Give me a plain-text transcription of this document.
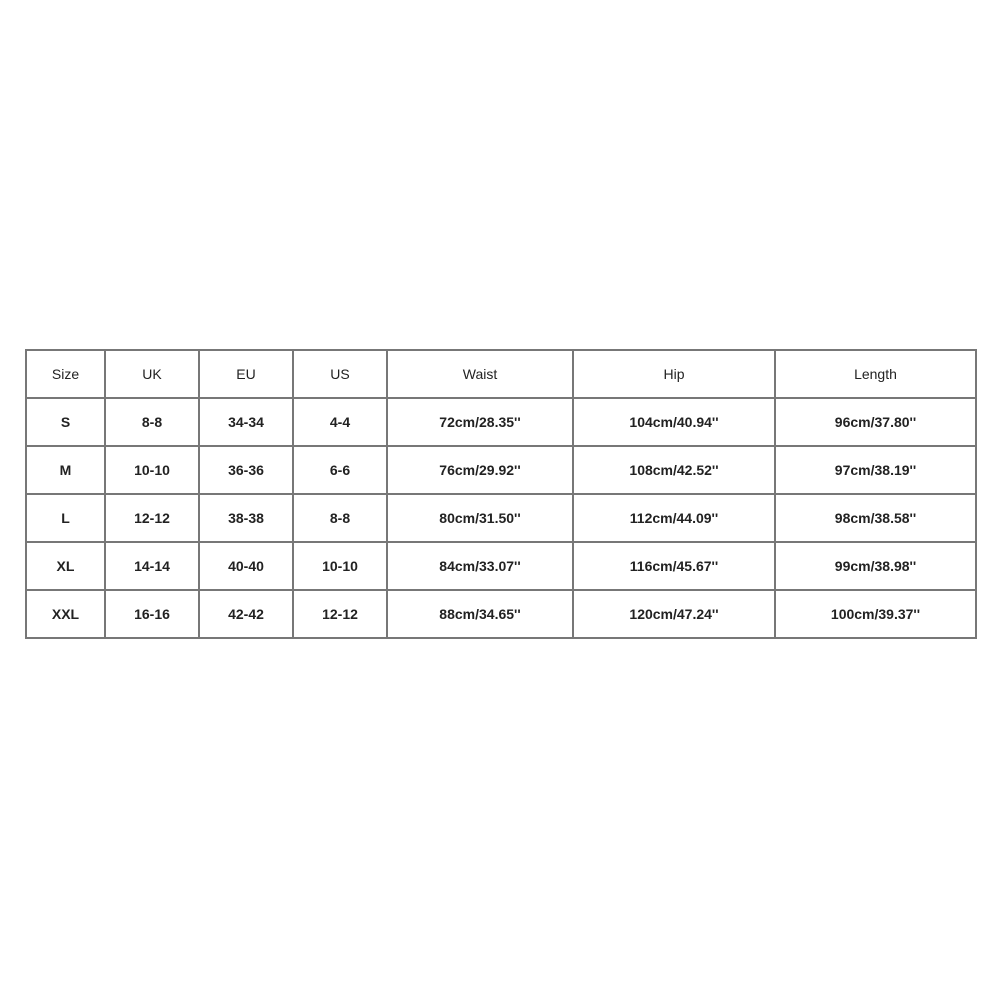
Size	UK	EU	US	Waist	Hip	Length
S	8-8	34-34	4-4	72cm/28.35''	104cm/40.94''	96cm/37.80''
M	10-10	36-36	6-6	76cm/29.92''	108cm/42.52''	97cm/38.19''
L	12-12	38-38	8-8	80cm/31.50''	112cm/44.09''	98cm/38.58''
XL	14-14	40-40	10-10	84cm/33.07''	116cm/45.67''	99cm/38.98''
XXL	16-16	42-42	12-12	88cm/34.65''	120cm/47.24''	100cm/39.37''
